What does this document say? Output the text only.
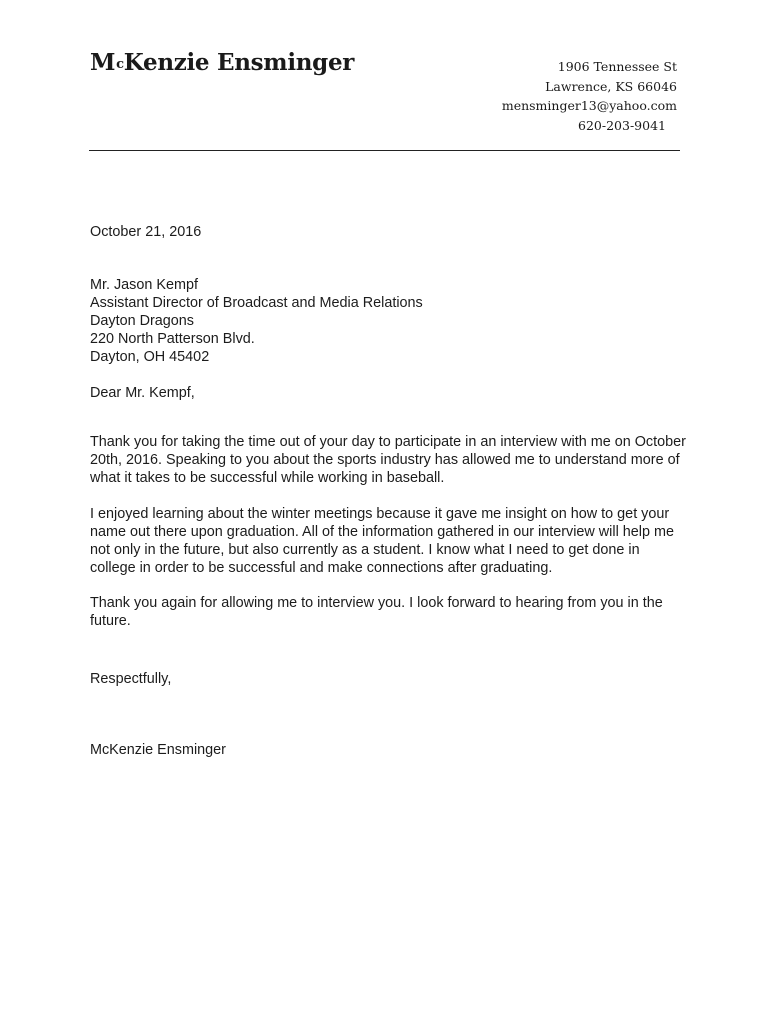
$M^cKenzie$ Ensminger	1906 Tennessee St
Lawrence, KS 66046
mensminger13@yahoo.com
620-203-9041
October 21, 2016

Mr. Jason Kempf

Assistant Director of Broadcast and Media Relations

Dayton Dragons

220 North Patterson Blvd.

Dayton, OH 45402

Dear Mr. Kempf,

Thank you for taking the time out of your day to participate in an interview with me on October 20th, 2016. Speaking to you about the sports industry has allowed me to understand more of what it takes to be successful while working in baseball.

I enjoyed learning about the winter meetings because it gave me insight on how to get your name out there upon graduation. All of the information gathered in our interview will help me not only in the future, but also currently as a student. I know what I need to get done in college in order to be successful and make connections after graduating.

Thank you again for allowing me to interview you. I look forward to hearing from you in the future.

Respectfully,
McKenzie Ensminger
